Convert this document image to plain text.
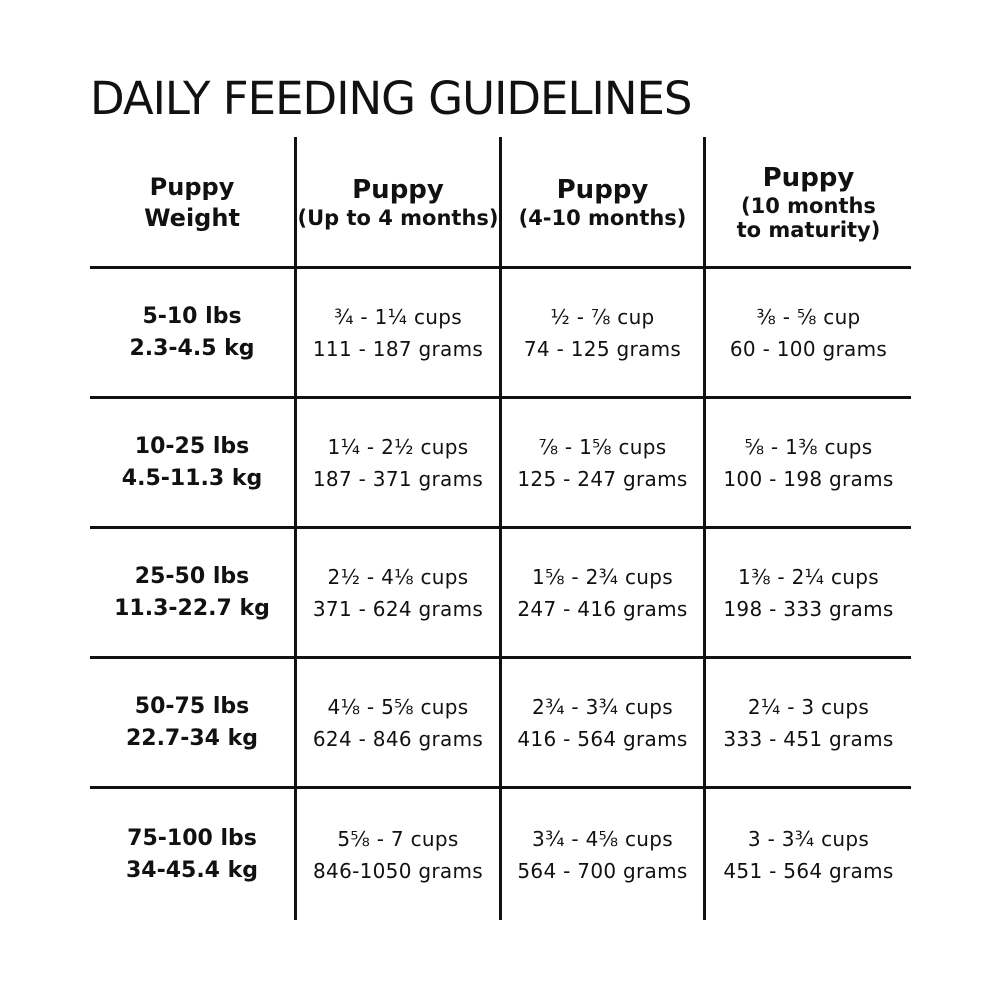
DAILY FEEDING GUIDELINES
Puppy
Weight
Puppy
(Up to 4 months)
Puppy
(4-10 months)
Puppy
(10 months
to maturity)
5-10 lbs
2.3-4.5 kg
¾ - 1¼ cups
111 - 187 grams
½ - ⅞ cup
74 - 125 grams
⅜ - ⅝ cup
60 - 100 grams
10-25 lbs
4.5-11.3 kg
1¼ - 2½ cups
187 - 371 grams
⅞ - 1⅝ cups
125 - 247 grams
⅝ - 1⅜ cups
100 - 198 grams
25-50 lbs
11.3-22.7 kg
2½ - 4⅛ cups
371 - 624 grams
1⅝ - 2¾ cups
247 - 416 grams
1⅜ - 2¼ cups
198 - 333 grams
50-75 lbs
22.7-34 kg
4⅛ - 5⅝ cups
624 - 846 grams
2¾ - 3¾ cups
416 - 564 grams
2¼ - 3 cups
333 - 451 grams
75-100 lbs
34-45.4 kg
5⅝ - 7 cups
846-1050 grams
3¾ - 4⅝ cups
564 - 700 grams
3 - 3¾ cups
451 - 564 grams
